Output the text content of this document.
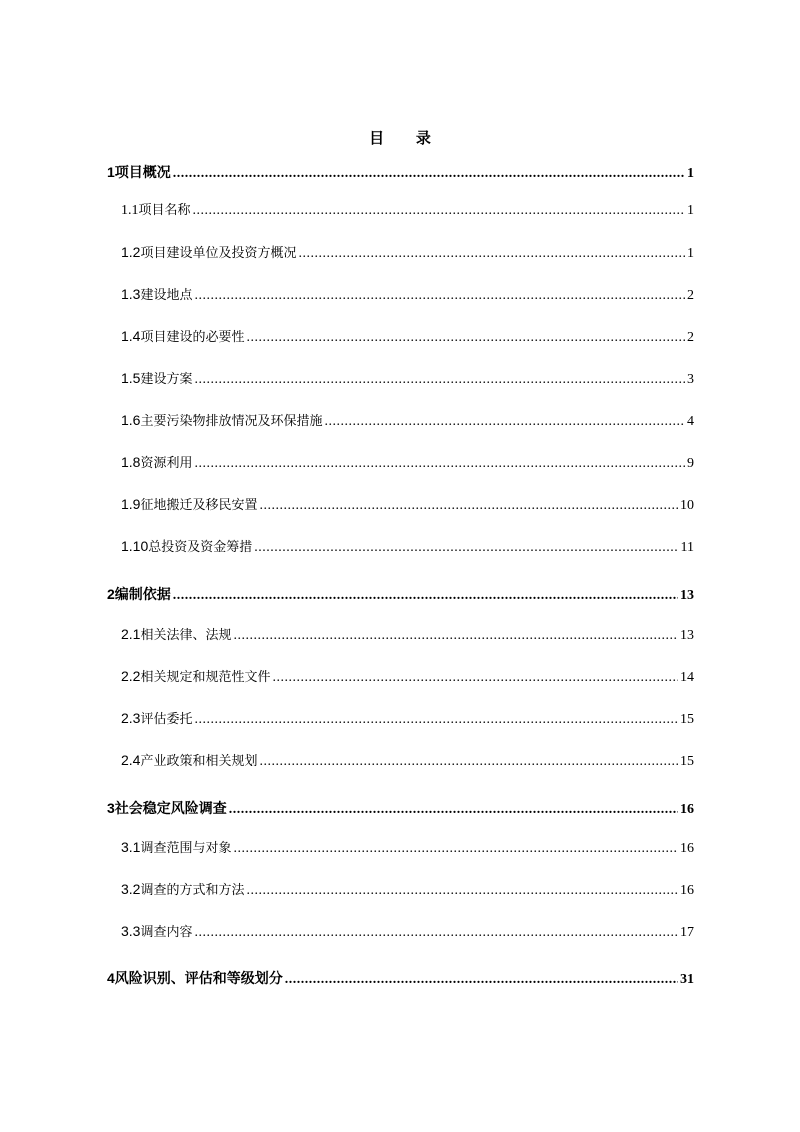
目 录
1 项目概况 .....	1
1.1 项目名称 .....	1
1.2 项目建设单位及投资方概况 .....	1
1.3 建设地点 .....	2
1.4 项目建设的必要性 .....	2
1.5 建设方案 .....	3
1.6 主要污染物排放情况及环保措施 .....	4
1.8 资源利用 .....	9
1.9 征地搬迁及移民安置 .....	10
1.10 总投资及资金筹措 .....	11
2 编制依据 .....	13
2.1 相关法律、法规 .....	13
2.2 相关规定和规范性文件 .....	14
2.3 评估委托 .....	15
2.4 产业政策和相关规划 .....	15
3 社会稳定风险调查 .....	16
3.1 调查范围与对象 .....	16
3.2 调查的方式和方法 .....	16
3.3 调查内容 .....	17
4 风险识别、评估和等级划分 .....	31
